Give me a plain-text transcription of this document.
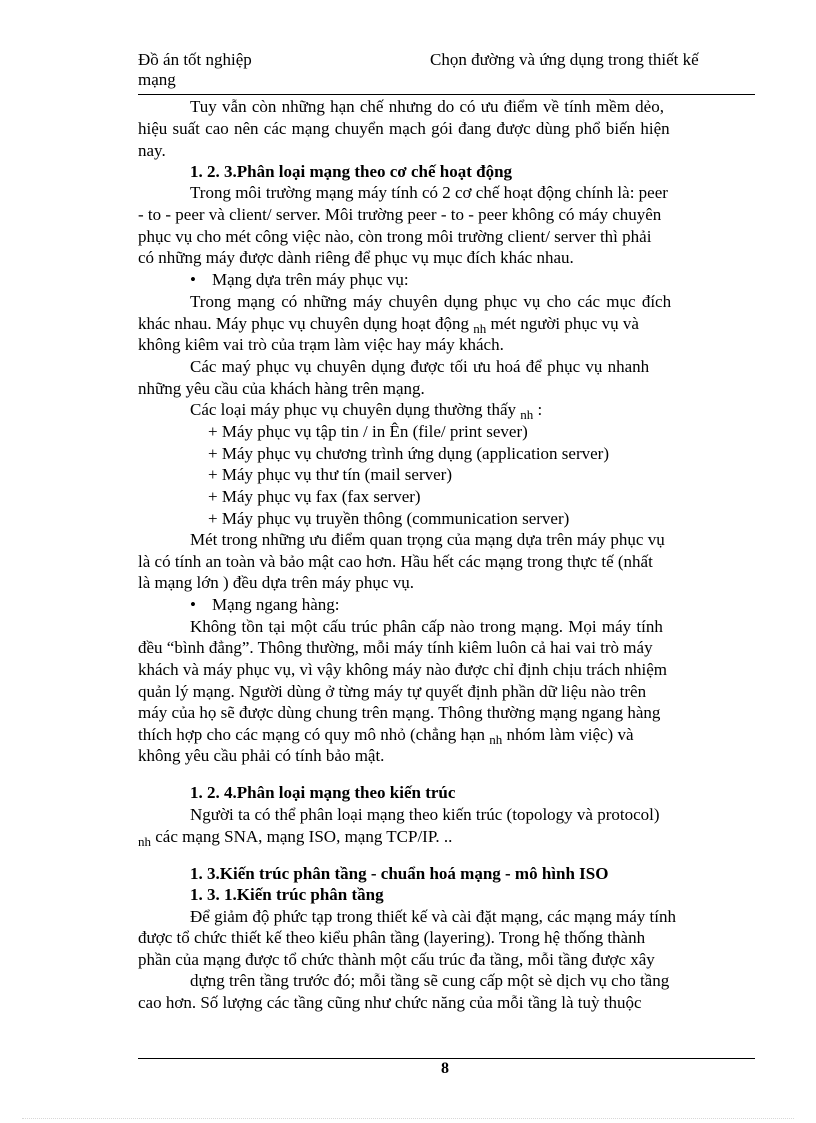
Đồ án tốt nghiệp
mạng
Chọn đường và ứng dụng trong thiết kế
Tuy vẫn còn những hạn chế nhưng do có ưu điểm về tính mềm dẻo,
hiệu suất cao nên các mạng chuyển mạch gói đang được dùng phổ biến hiện
nay.
1. 2. 3.Phân loại mạng theo cơ chế hoạt động
Trong môi trường mạng máy tính có 2 cơ chế hoạt động chính là: peer
- to - peer và client/ server. Môi trường peer - to - peer không có máy chuyên
phục vụ cho mét công việc nào, còn trong môi trường client/ server thì phải
có những máy được dành riêng để phục vụ mục đích khác nhau.
• Mạng dựa trên máy phục vụ:
Trong mạng có những máy chuyên dụng phục vụ cho các mục đích
khác nhau. Máy phục vụ chuyên dụng hoạt động $_{nh}$ mét người phục vụ và
không kiêm vai trò của trạm làm việc hay máy khách.
Các maý phục vụ chuyên dụng được tối ưu hoá để phục vụ nhanh
những yêu cầu của khách hàng trên mạng.
Các loại máy phục vụ chuyên dụng thường thấy $_{nh}$ :
+ Máy phục vụ tập tin / in Ên (file/ print sever)
+ Máy phục vụ chương trình ứng dụng (application server)
+ Máy phục vụ thư tín (mail server)
+ Máy phục vụ fax (fax server)
+ Máy phục vụ truyền thông (communication server)
Mét trong những ưu điểm quan trọng của mạng dựa trên máy phục vụ
là có tính an toàn và bảo mật cao hơn. Hầu hết các mạng trong thực tế (nhất
là mạng lớn ) đều dựa trên máy phục vụ.
• Mạng ngang hàng:
Không tồn tại một cấu trúc phân cấp nào trong mạng. Mọi máy tính
đều “bình đẳng”. Thông thường, mỗi máy tính kiêm luôn cả hai vai trò máy
khách và máy phục vụ, vì vậy không máy nào được chỉ định chịu trách nhiệm
quản lý mạng. Người dùng ở từng máy tự quyết định phần dữ liệu nào trên
máy của họ sẽ được dùng chung trên mạng. Thông thường mạng ngang hàng
thích hợp cho các mạng có quy mô nhỏ (chẳng hạn $_{nh}$ nhóm làm việc) và
không yêu cầu phải có tính bảo mật.
1. 2. 4.Phân loại mạng theo kiến trúc
Người ta có thể phân loại mạng theo kiến trúc (topology và protocol)
$_{nh}$ các mạng SNA, mạng ISO, mạng TCP/IP. ..
1. 3.Kiến trúc phân tầng - chuẩn hoá mạng - mô hình ISO
1. 3. 1.Kiến trúc phân tầng
Để giảm độ phức tạp trong thiết kế và cài đặt mạng, các mạng máy tính
được tổ chức thiết kế theo kiểu phân tầng (layering). Trong hệ thống thành
phần của mạng được tổ chức thành một cấu trúc đa tầng, mỗi tầng được xây
dựng trên tầng trước đó; mỗi tầng sẽ cung cấp một sè dịch vụ cho tầng
cao hơn. Số lượng các tầng cũng như chức năng của mỗi tầng là tuỳ thuộc
8
